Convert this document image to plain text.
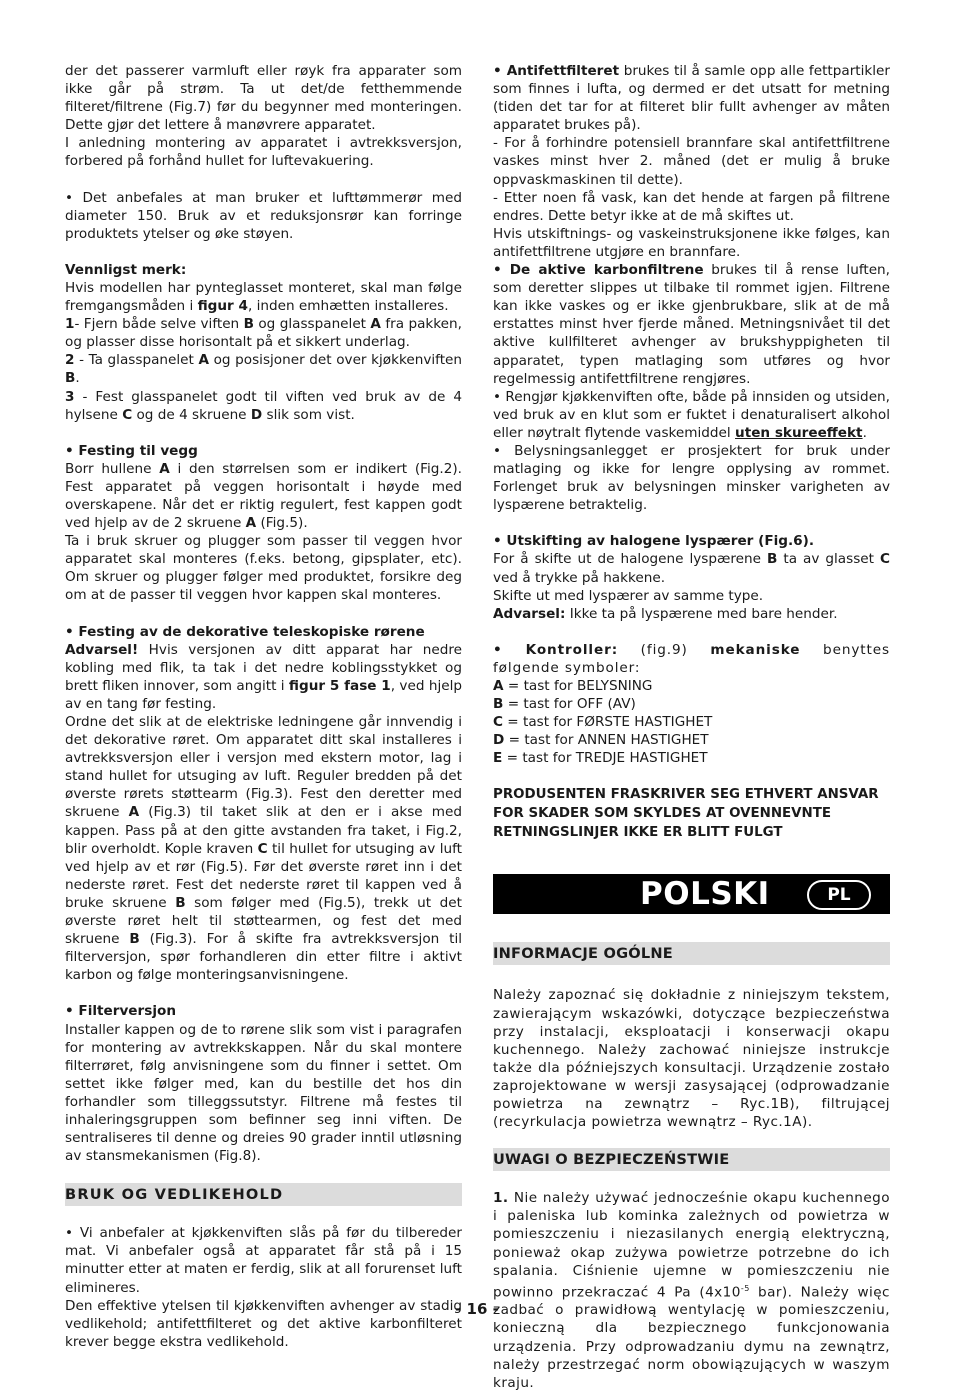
der det passerer varmluft eller røyk fra apparater som ikke går på strøm. Ta ut det/de fetthemmende filteret/filtrene (Fig.7) før du begynner med monteringen. Dette gjør det lettere å manøvrere apparatet.

I anledning montering av apparatet i avtrekksversjon, forbered på forhånd hullet for luftevakuering.

• Det anbefales at man bruker et lufttømmerør med diameter 150. Bruk av et reduksjonsrør kan forringe produktets ytelser og øke støyen.

Vennligst merk:

Hvis modellen har pynteglasset monteret, skal man følge fremgangsmåden i figur 4, inden emhætten installeres.

1- Fjern både selve viften B og glasspanelet A fra pakken, og plasser disse horisontalt på et sikkert underlag.

2 - Ta glasspanelet A og posisjoner det over kjøkkenviften B.

3 - Fest glasspanelet godt til viften ved bruk av de 4 hylsene C og de 4 skruene D slik som vist.

• Festing til vegg

Borr hullene A i den størrelsen som er indikert (Fig.2). Fest apparatet på veggen horisontalt i høyde med overskapene. Når det er riktig regulert, fest kappen godt ved hjelp av de 2 skruene A (Fig.5).

Ta i bruk skruer og plugger som passer til veggen hvor apparatet skal monteres (f.eks. betong, gipsplater, etc). Om skruer og plugger følger med produktet, forsikre deg om at de passer til veggen hvor kappen skal monteres.

• Festing av de dekorative teleskopiske rørene

Advarsel! Hvis versjonen av ditt apparat har nedre kobling med flik, ta tak i det nedre koblingsstykket og brett fliken innover, som angitt i figur 5 fase 1, ved hjelp av en tang før festing.

Ordne det slik at de elektriske ledningene går innvendig i det dekorative røret. Om apparatet ditt skal installeres i avtrekksversjon eller i versjon med ekstern motor, lag i stand hullet for utsuging av luft. Reguler bredden på det øverste rørets støttearm (Fig.3). Fest den deretter med skruene A (Fig.3) til taket slik at den er i akse med kappen. Pass på at den gitte avstanden fra taket, i Fig.2, blir overholdt. Kople kraven C til hullet for utsuging av luft ved hjelp av et rør (Fig.5). Før det øverste røret inn i det nederste røret. Fest det nederste røret til kappen ved å bruke skruene B som følger med (Fig.5), trekk ut det øverste røret helt til støttearmen, og fest det med skruene B (Fig.3). For å skifte fra avtrekksversjon til filterversjon, spør forhandleren din etter filtre i aktivt karbon og følge monteringsanvisningene.

• Filterversjon

Installer kappen og de to rørene slik som vist i paragrafen for montering av avtrekkskappen. Når du skal montere filterrøret, følg anvisningene som du finner i settet. Om settet ikke følger med, kan du bestille det hos din forhandler som tilleggssutstyr. Filtrene må festes til inhaleringsgruppen som befinner seg inni viften. De sentraliseres til denne og dreies 90 grader inntil utløsning av stansmekanismen (Fig.8).

BRUK OG VEDLIKEHOLD

• Vi anbefaler at kjøkkenviften slås på før du tilbereder mat. Vi anbefaler også at apparatet får stå på i 15 minutter etter at maten er ferdig, slik at all forurenset luft elimineres.

Den effektive ytelsen til kjøkkenviften avhenger av stadig vedlikehold; antifettfilteret og det aktive karbonfilteret krever begge ekstra vedlikehold.

• Antifettfilteret brukes til å samle opp alle fettpartikler som finnes i lufta, og dermed er det utsatt for metning (tiden det tar for at filteret blir fullt avhenger av måten apparatet brukes på).

- For å forhindre potensiell brannfare skal antifettfiltrene vaskes minst hver 2. måned (det er mulig å bruke oppvaskmaskinen til dette).

- Etter noen få vask, kan det hende at fargen på filtrene endres. Dette betyr ikke at de må skiftes ut.

Hvis utskiftnings- og vaskeinstruksjonene ikke følges, kan antifettfiltrene utgjøre en brannfare.

• De aktive karbonfiltrene brukes til å rense luften, som deretter slippes ut tilbake til rommet igjen. Filtrene kan ikke vaskes og er ikke gjenbrukbare, slik at de må erstattes minst hver fjerde måned. Metningsnivået til det aktive kullfilteret avhenger av brukshyppigheten til apparatet, typen matlaging som utføres og hvor regelmessig antifettfiltrene rengjøres.

• Rengjør kjøkkenviften ofte, både på innsiden og utsiden, ved bruk av en klut som er fuktet i denaturalisert alkohol eller nøytralt flytende vaskemiddel uten skureeffekt.

• Belysningsanlegget er prosjektert for bruk under matlaging og ikke for lengre opplysing av rommet. Forlenget bruk av belysningen minsker varigheten av lyspærene betraktelig.

• Utskifting av halogene lyspærer (Fig.6).

For å skifte ut de halogene lyspærene B ta av glasset C ved å trykke på hakkene.

Skifte ut med lyspærer av samme type.

Advarsel: Ikke ta på lyspærene med bare hender.

• Kontroller: (fig.9) mekaniske benyttes følgende symboler:

A = tast for BELYSNING

B = tast for OFF (AV)

C = tast for FØRSTE HASTIGHET

D = tast for ANNEN HASTIGHET

E = tast for TREDJE HASTIGHET

PRODUSENTEN FRASKRIVER SEG ETHVERT ANSVAR FOR SKADER SOM SKYLDES AT OVENNEVNTE RETNINGSLINJER IKKE ER BLITT FULGT

POLSKI	PL
INFORMACJE OGÓLNE

Należy zapoznać się dokładnie z niniejszym tekstem, zawierającym wskazówki, dotyczące bezpieczeństwa przy instalacji, eksploatacji i konserwacji okapu kuchennego. Należy zachować niniejsze instrukcje także dla późniejszych konsultacji. Urządzenie zostało zaprojektowane w wersji zasysającej (odprowadzanie powietrza na zewnątrz – Ryc.1B), filtrującej (recyrkulacja powietrza wewnątrz – Ryc.1A).

UWAGI O BEZPIECZEŃSTWIE

1. Nie należy używać jednocześnie okapu kuchennego i paleniska lub kominka zależnych od powietrza w pomieszczeniu i niezasilanych energią elektryczną, ponieważ okap zużywa powietrze potrzebne do ich spalania. Ciśnienie ujemne w pomieszczeniu nie powinno przekraczać 4 Pa ($4x10^{-5}$ bar). Należy więc zadbać o prawidłową wentylację w pomieszczeniu, konieczną dla bezpiecznego funkcjonowania urządzenia. Przy odprowadzaniu dymu na zewnątrz, należy przestrzegać norm obowiązujących w waszym kraju.

- 16 -
